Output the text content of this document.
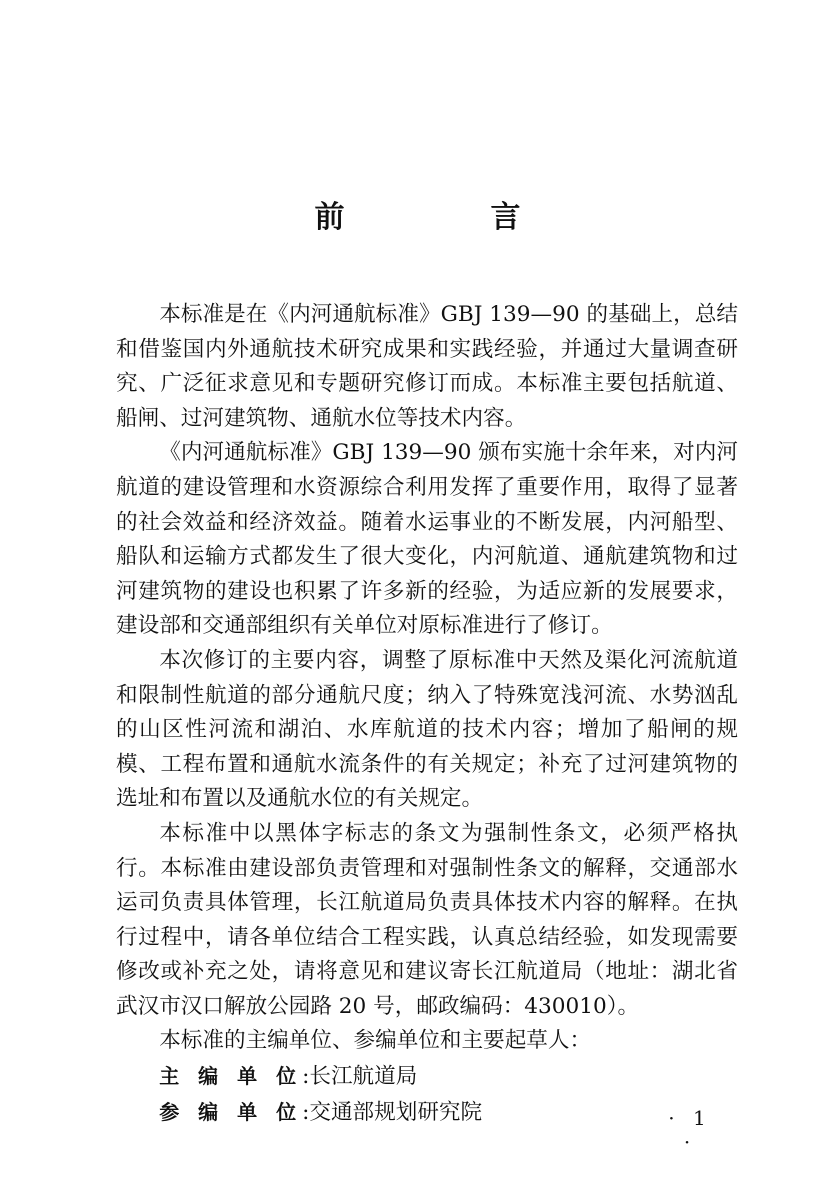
前　言

本标准是在《内河通航标准》GBJ 139—90 的基础上，总结和借鉴国内外通航技术研究成果和实践经验，并通过大量调查研究、广泛征求意见和专题研究修订而成。本标准主要包括航道、船闸、过河建筑物、通航水位等技术内容。

《内河通航标准》GBJ 139—90 颁布实施十余年来，对内河航道的建设管理和水资源综合利用发挥了重要作用，取得了显著的社会效益和经济效益。随着水运事业的不断发展，内河船型、船队和运输方式都发生了很大变化，内河航道、通航建筑物和过河建筑物的建设也积累了许多新的经验，为适应新的发展要求，建设部和交通部组织有关单位对原标准进行了修订。

本次修订的主要内容，调整了原标准中天然及渠化河流航道和限制性航道的部分通航尺度；纳入了特殊宽浅河流、水势汹乱的山区性河流和湖泊、水库航道的技术内容；增加了船闸的规模、工程布置和通航水流条件的有关规定；补充了过河建筑物的选址和布置以及通航水位的有关规定。

本标准中以黑体字标志的条文为强制性条文，必须严格执行。本标准由建设部负责管理和对强制性条文的解释，交通部水运司负责具体管理，长江航道局负责具体技术内容的解释。在执行过程中，请各单位结合工程实践，认真总结经验，如发现需要修改或补充之处，请将意见和建议寄长江航道局（地址：湖北省武汉市汉口解放公园路 20 号，邮政编码：430010）。

本标准的主编单位、参编单位和主要起草人：

主 编 单 位:长江航道局

参 编 单 位:交通部规划研究院	· 1 ·
